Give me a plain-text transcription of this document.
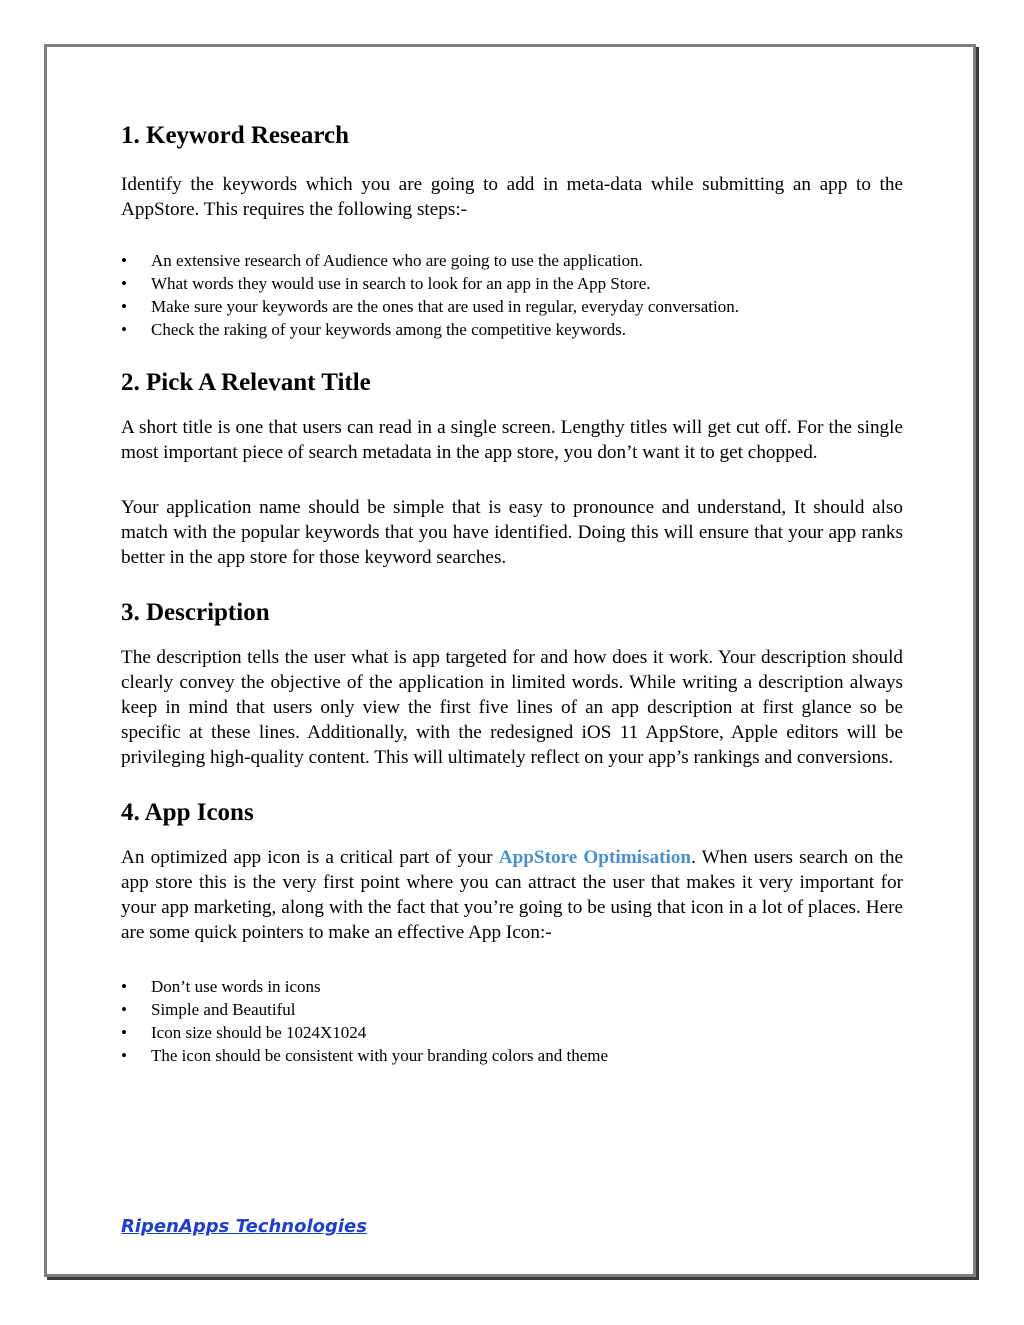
1. Keyword Research

Identify the keywords which you are going to add in meta-data while submitting an app to the AppStore. This requires the following steps:-

• An extensive research of Audience who are going to use the application.
• What words they would use in search to look for an app in the App Store.
• Make sure your keywords are the ones that are used in regular, everyday conversation.
• Check the raking of your keywords among the competitive keywords.
2. Pick A Relevant Title

A short title is one that users can read in a single screen. Lengthy titles will get cut off. For the single most important piece of search metadata in the app store, you don’t want it to get chopped.

Your application name should be simple that is easy to pronounce and understand, It should also match with the popular keywords that you have identified. Doing this will ensure that your app ranks better in the app store for those keyword searches.

3. Description

The description tells the user what is app targeted for and how does it work. Your description should clearly convey the objective of the application in limited words. While writing a description always keep in mind that users only view the first five lines of an app description at first glance so be specific at these lines. Additionally, with the redesigned iOS 11 AppStore, Apple editors will be privileging high-quality content. This will ultimately reflect on your app’s rankings and conversions.

4. App Icons

An optimized app icon is a critical part of your AppStore Optimisation. When users search on the app store this is the very first point where you can attract the user that makes it very important for your app marketing, along with the fact that you’re going to be using that icon in a lot of places. Here are some quick pointers to make an effective App Icon:-

• Don’t use words in icons
• Simple and Beautiful
• Icon size should be 1024X1024
• The icon should be consistent with your branding colors and theme
RipenApps Technologies
